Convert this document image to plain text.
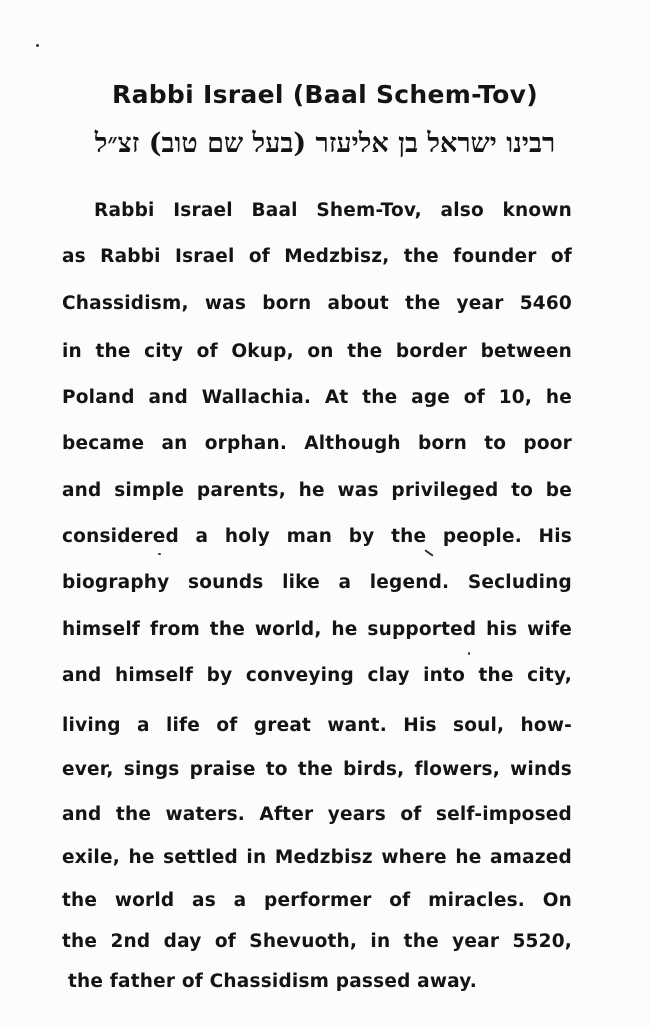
Rabbi Israel (Baal Schem-Tov)
רבינו ישראל בן אליעזר (בעל שם טוב) זצ״ל
Rabbi Israel Baal Shem-Tov, also known
as Rabbi Israel of Medzbisz, the founder of
Chassidism, was born about the year 5460
in the city of Okup, on the border between
Poland and Wallachia. At the age of 10, he
became an orphan. Although born to poor
and simple parents, he was privileged to be
considered a holy man by the people. His
biography sounds like a legend. Secluding
himself from the world, he supported his wife
and himself by conveying clay into the city,
living a life of great want. His soul, how-
ever, sings praise to the birds, flowers, winds
and the waters. After years of self-imposed
exile, he settled in Medzbisz where he amazed
the world as a performer of miracles. On
the 2nd day of Shevuoth, in the year 5520,
the father of Chassidism passed away.
